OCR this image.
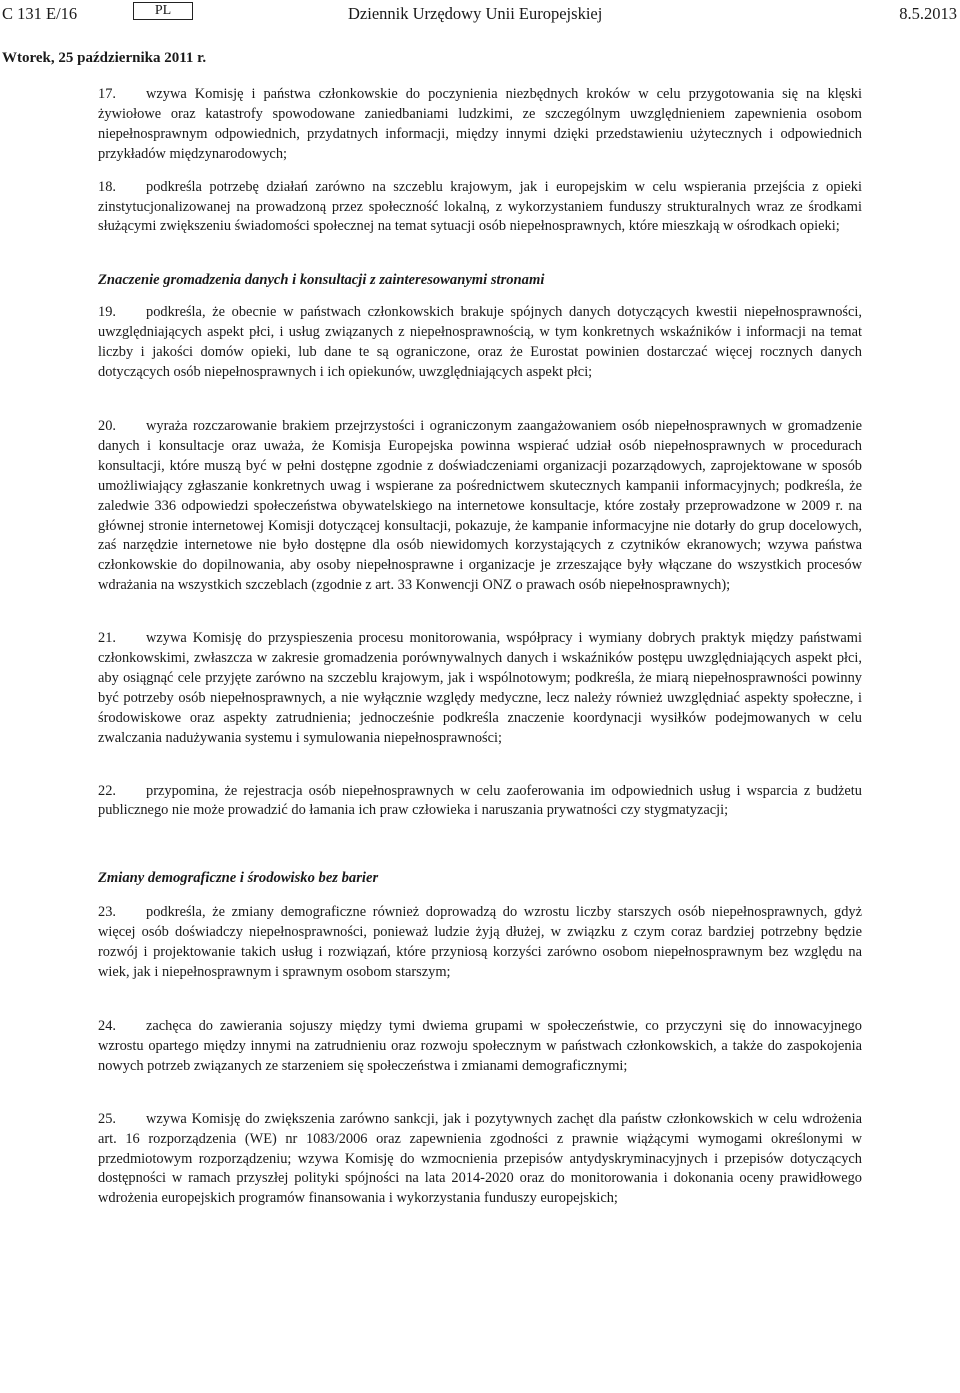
C 131 E/16	PL	Dziennik Urzędowy Unii Europejskiej	8.5.2013
Wtorek, 25 października 2011 r.

17. wzywa Komisję i państwa członkowskie do poczynienia niezbędnych kroków w celu przygotowania się na klęski żywiołowe oraz katastrofy spowodowane zaniedbaniami ludzkimi, ze szczególnym uwzględnieniem zapewnienia osobom niepełnosprawnym odpowiednich, przydatnych informacji, między innymi dzięki przedstawieniu użytecznych i odpowiednich przykładów międzynarodowych;

18. podkreśla potrzebę działań zarówno na szczeblu krajowym, jak i europejskim w celu wspierania przejścia z opieki zinstytucjonalizowanej na prowadzoną przez społeczność lokalną, z wykorzystaniem funduszy strukturalnych wraz ze środkami służącymi zwiększeniu świadomości społecznej na temat sytuacji osób niepełnosprawnych, które mieszkają w ośrodkach opieki;

Znaczenie gromadzenia danych i konsultacji z zainteresowanymi stronami

19. podkreśla, że obecnie w państwach członkowskich brakuje spójnych danych dotyczących kwestii niepełnosprawności, uwzględniających aspekt płci, i usług związanych z niepełnosprawnością, w tym konkretnych wskaźników i informacji na temat liczby i jakości domów opieki, lub dane te są ograniczone, oraz że Eurostat powinien dostarczać więcej rocznych danych dotyczących osób niepełnosprawnych i ich opiekunów, uwzględniających aspekt płci;

20. wyraża rozczarowanie brakiem przejrzystości i ograniczonym zaangażowaniem osób niepełnosprawnych w gromadzenie danych i konsultacje oraz uważa, że Komisja Europejska powinna wspierać udział osób niepełnosprawnych w procedurach konsultacji, które muszą być w pełni dostępne zgodnie z doświadczeniami organizacji pozarządowych, zaprojektowane w sposób umożliwiający zgłaszanie konkretnych uwag i wspierane za pośrednictwem skutecznych kampanii informacyjnych; podkreśla, że zaledwie 336 odpowiedzi społeczeństwa obywatelskiego na internetowe konsultacje, które zostały przeprowadzone w 2009 r. na głównej stronie internetowej Komisji dotyczącej konsultacji, pokazuje, że kampanie informacyjne nie dotarły do grup docelowych, zaś narzędzie internetowe nie było dostępne dla osób niewidomych korzystających z czytników ekranowych; wzywa państwa członkowskie do dopilnowania, aby osoby niepełnosprawne i organizacje je zrzeszające były włączane do wszystkich procesów wdrażania na wszystkich szczeblach (zgodnie z art. 33 Konwencji ONZ o prawach osób niepełnosprawnych);

21. wzywa Komisję do przyspieszenia procesu monitorowania, współpracy i wymiany dobrych praktyk między państwami członkowskimi, zwłaszcza w zakresie gromadzenia porównywalnych danych i wskaźników postępu uwzględniających aspekt płci, aby osiągnąć cele przyjęte zarówno na szczeblu krajowym, jak i wspólnotowym; podkreśla, że miarą niepełnosprawności powinny być potrzeby osób niepełnosprawnych, a nie wyłącznie względy medyczne, lecz należy również uwzględniać aspekty społeczne, i środowiskowe oraz aspekty zatrudnienia; jednocześnie podkreśla znaczenie koordynacji wysiłków podejmowanych w celu zwalczania nadużywania systemu i symulowania niepełnosprawności;

22. przypomina, że rejestracja osób niepełnosprawnych w celu zaoferowania im odpowiednich usług i wsparcia z budżetu publicznego nie może prowadzić do łamania ich praw człowieka i naruszania prywatności czy stygmatyzacji;

Zmiany demograficzne i środowisko bez barier

23. podkreśla, że zmiany demograficzne również doprowadzą do wzrostu liczby starszych osób niepełnosprawnych, gdyż więcej osób doświadczy niepełnosprawności, ponieważ ludzie żyją dłużej, w związku z czym coraz bardziej potrzebny będzie rozwój i projektowanie takich usług i rozwiązań, które przyniosą korzyści zarówno osobom niepełnosprawnym bez względu na wiek, jak i niepełnosprawnym i sprawnym osobom starszym;

24. zachęca do zawierania sojuszy między tymi dwiema grupami w społeczeństwie, co przyczyni się do innowacyjnego wzrostu opartego między innymi na zatrudnieniu oraz rozwoju społecznym w państwach członkowskich, a także do zaspokojenia nowych potrzeb związanych ze starzeniem się społeczeństwa i zmianami demograficznymi;

25. wzywa Komisję do zwiększenia zarówno sankcji, jak i pozytywnych zachęt dla państw członkowskich w celu wdrożenia art. 16 rozporządzenia (WE) nr 1083/2006 oraz zapewnienia zgodności z prawnie wiążącymi wymogami określonymi w przedmiotowym rozporządzeniu; wzywa Komisję do wzmocnienia przepisów antydyskryminacyjnych i przepisów dotyczących dostępności w ramach przyszłej polityki spójności na lata 2014-2020 oraz do monitorowania i dokonania oceny prawidłowego wdrożenia europejskich programów finansowania i wykorzystania funduszy europejskich;
